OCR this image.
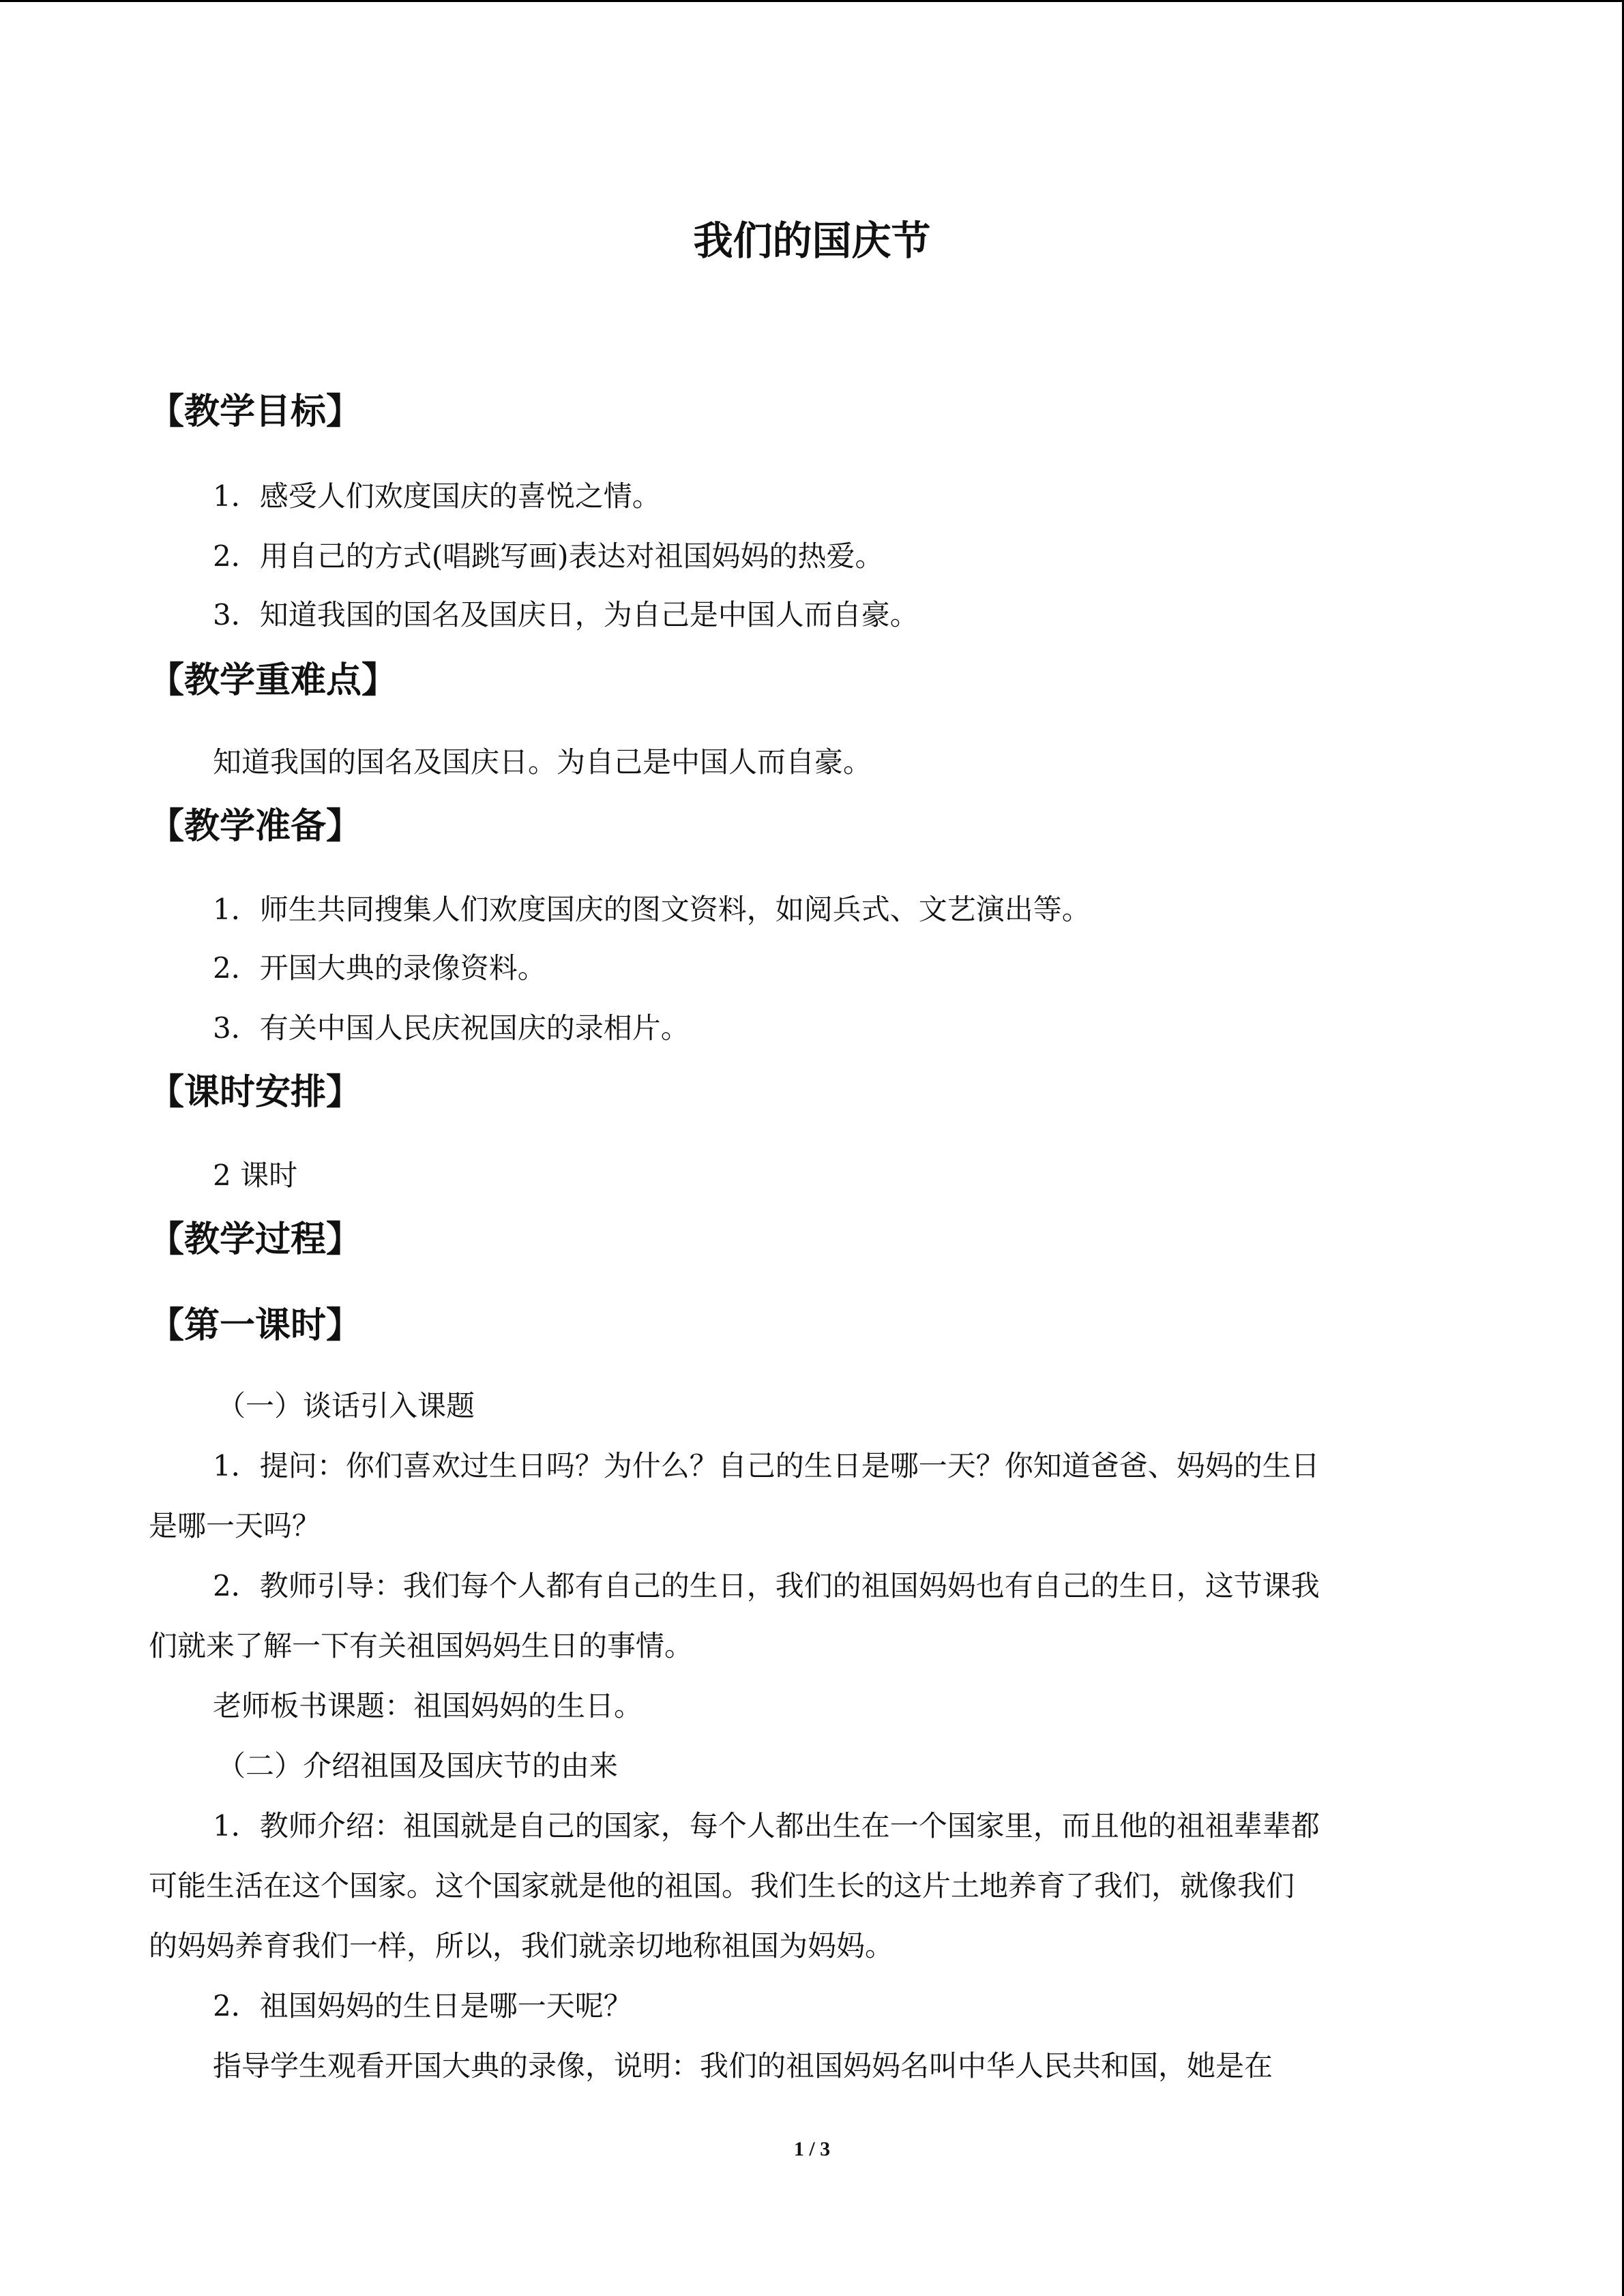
我们的国庆节
【教学目标】
1．感受人们欢度国庆的喜悦之情。
2．用自己的方式(唱跳写画)表达对祖国妈妈的热爱。
3．知道我国的国名及国庆日，为自己是中国人而自豪。
【教学重难点】
知道我国的国名及国庆日。为自己是中国人而自豪。
【教学准备】
1．师生共同搜集人们欢度国庆的图文资料，如阅兵式、文艺演出等。
2．开国大典的录像资料。
3．有关中国人民庆祝国庆的录相片。
【课时安排】
2 课时
【教学过程】
【第一课时】
（一）谈话引入课题
1．提问：你们喜欢过生日吗？为什么？自己的生日是哪一天？你知道爸爸、妈妈的生日
是哪一天吗？
2．教师引导：我们每个人都有自己的生日，我们的祖国妈妈也有自己的生日，这节课我
们就来了解一下有关祖国妈妈生日的事情。
老师板书课题：祖国妈妈的生日。
（二）介绍祖国及国庆节的由来
1．教师介绍：祖国就是自己的国家，每个人都出生在一个国家里，而且他的祖祖辈辈都
可能生活在这个国家。这个国家就是他的祖国。我们生长的这片土地养育了我们，就像我们
的妈妈养育我们一样，所以，我们就亲切地称祖国为妈妈。
2．祖国妈妈的生日是哪一天呢？
指导学生观看开国大典的录像，说明：我们的祖国妈妈名叫中华人民共和国，她是在
1 / 3
